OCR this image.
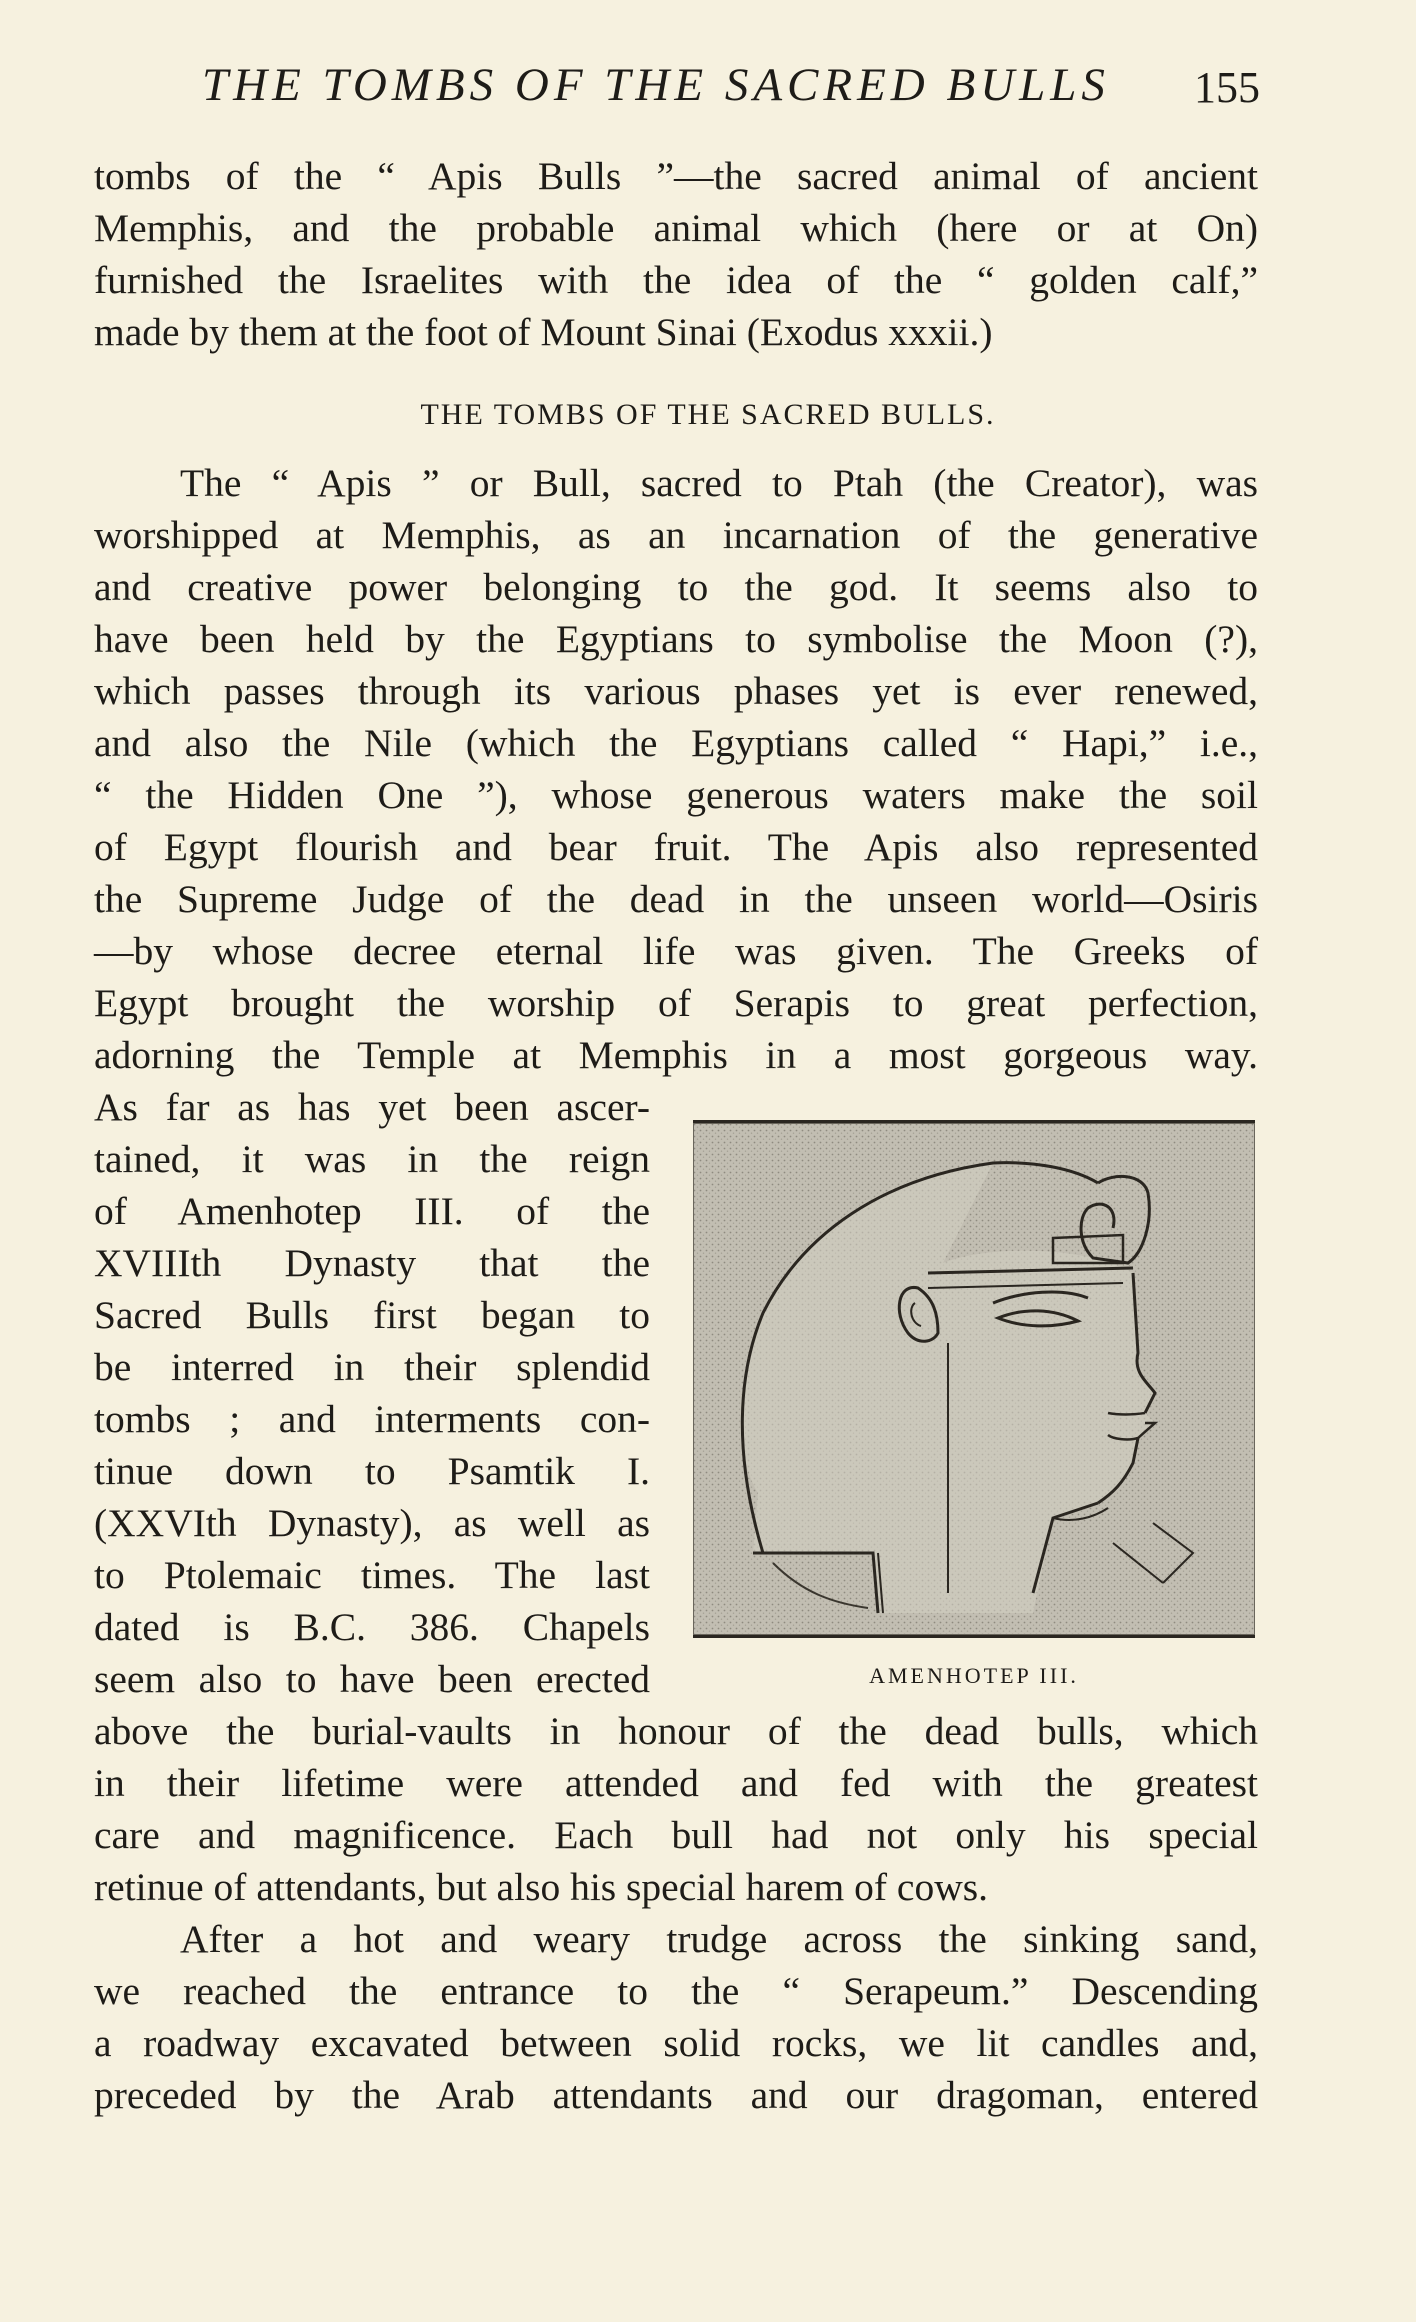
THE TOMBS OF THE SACRED BULLS 155
tombs of the “ Apis Bulls ”—the sacred animal of ancient
Memphis, and the probable animal which (here or at On)
furnished the Israelites with the idea of the “ golden calf,”
made by them at the foot of Mount Sinai (Exodus xxxii.)
THE TOMBS OF THE SACRED BULLS.
The “ Apis ” or Bull, sacred to Ptah (the Creator), was
worshipped at Memphis, as an incarnation of the generative
and creative power belonging to the god. It seems also to
have been held by the Egyptians to symbolise the Moon (?),
which passes through its various phases yet is ever renewed,
and also the Nile (which the Egyptians called “ Hapi,” i.e.,
“ the Hidden One ”), whose generous waters make the soil
of Egypt flourish and bear fruit. The Apis also represented
the Supreme Judge of the dead in the unseen world—Osiris
—by whose decree eternal life was given. The Greeks of
Egypt brought the worship of Serapis to great perfection,
adorning the Temple at Memphis in a most gorgeous way.
As far as has yet been ascer-
tained, it was in the reign
of Amenhotep III. of the
XVIIIth Dynasty that the
Sacred Bulls first began to
be interred in their splendid
tombs ; and interments con-
tinue down to Psamtik I.
(XXVIth Dynasty), as well as
to Ptolemaic times. The last
dated is B.C. 386. Chapels
seem also to have been erected	AMENHOTEP III.
above the burial-vaults in honour of the dead bulls, which
in their lifetime were attended and fed with the greatest
care and magnificence. Each bull had not only his special
retinue of attendants, but also his special harem of cows.
After a hot and weary trudge across the sinking sand,
we reached the entrance to the “ Serapeum.” Descending
a roadway excavated between solid rocks, we lit candles and,
preceded by the Arab attendants and our dragoman, entered
